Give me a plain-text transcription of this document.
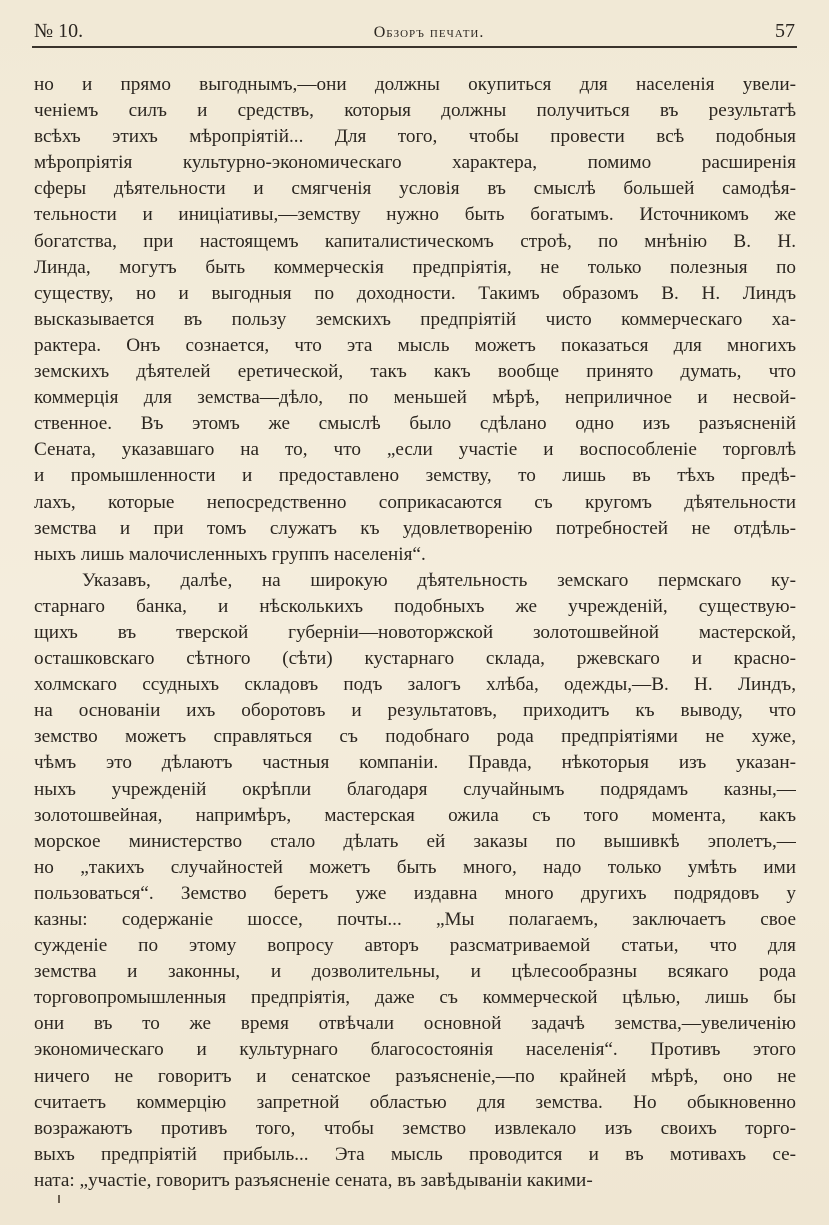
№ 10.	Обзоръ печати.	57
но и прямо выгоднымъ,—они должны окупиться для населенія увели-
ченіемъ силъ и средствъ, которыя должны получиться въ результатѣ
всѣхъ этихъ мѣропріятій... Для того, чтобы провести всѣ подобныя
мѣропріятія культурно-экономическаго характера, помимо расширенія
сферы дѣятельности и смягченія условія въ смыслѣ большей самодѣя-
тельности и иниціативы,—земству нужно быть богатымъ. Источникомъ же
богатства, при настоящемъ капиталистическомъ строѣ, по мнѣнію В. Н.
Линда, могутъ быть коммерческія предпріятія, не только полезныя по
существу, но и выгодныя по доходности. Такимъ образомъ В. Н. Линдъ
высказывается въ пользу земскихъ предпріятій чисто коммерческаго ха-
рактера. Онъ сознается, что эта мысль можетъ показаться для многихъ
земскихъ дѣятелей еретической, такъ какъ вообще принято думать, что
коммерція для земства—дѣло, по меньшей мѣрѣ, неприличное и несвой-
ственное. Въ этомъ же смыслѣ было сдѣлано одно изъ разъясненій
Сената, указавшаго на то, что „если участіе и воспособленіе торговлѣ
и промышленности и предоставлено земству, то лишь въ тѣхъ предѣ-
лахъ, которые непосредственно соприкасаются съ кругомъ дѣятельности
земства и при томъ служатъ къ удовлетворенію потребностей не отдѣль-
ныхъ лишь малочисленныхъ группъ населенія“.
Указавъ, далѣе, на широкую дѣятельность земскаго пермскаго ку-
старнаго банка, и нѣсколькихъ подобныхъ же учрежденій, существую-
щихъ въ тверской губерніи—новоторжской золотошвейной мастерской,
осташковскаго сѣтного (сѣти) кустарнаго склада, ржевскаго и красно-
холмскаго ссудныхъ складовъ подъ залогъ хлѣба, одежды,—В. Н. Линдъ,
на основаніи ихъ оборотовъ и результатовъ, приходитъ къ выводу, что
земство можетъ справляться съ подобнаго рода предпріятіями не хуже,
чѣмъ это дѣлаютъ частныя компаніи. Правда, нѣкоторыя изъ указан-
ныхъ учрежденій окрѣпли благодаря случайнымъ подрядамъ казны,—
золотошвейная, напримѣръ, мастерская ожила съ того момента, какъ
морское министерство стало дѣлать ей заказы по вышивкѣ эполетъ,—
но „такихъ случайностей можетъ быть много, надо только умѣть ими
пользоваться“. Земство беретъ уже издавна много другихъ подрядовъ у
казны: содержаніе шоссе, почты... „Мы полагаемъ, заключаетъ свое
сужденіе по этому вопросу авторъ разсматриваемой статьи, что для
земства и законны, и дозволительны, и цѣлесообразны всякаго рода
торговопромышленныя предпріятія, даже съ коммерческой цѣлью, лишь бы
они въ то же время отвѣчали основной задачѣ земства,—увеличенію
экономическаго и культурнаго благосостоянія населенія“. Противъ этого
ничего не говоритъ и сенатское разъясненіе,—по крайней мѣрѣ, оно не
считаетъ коммерцію запретной областью для земства. Но обыкновенно
возражаютъ противъ того, чтобы земство извлекало изъ своихъ торго-
выхъ предпріятій прибыль... Эта мысль проводится и въ мотивахъ се-
ната: „участіе, говоритъ разъясненіе сената, въ завѣдываніи какими-
